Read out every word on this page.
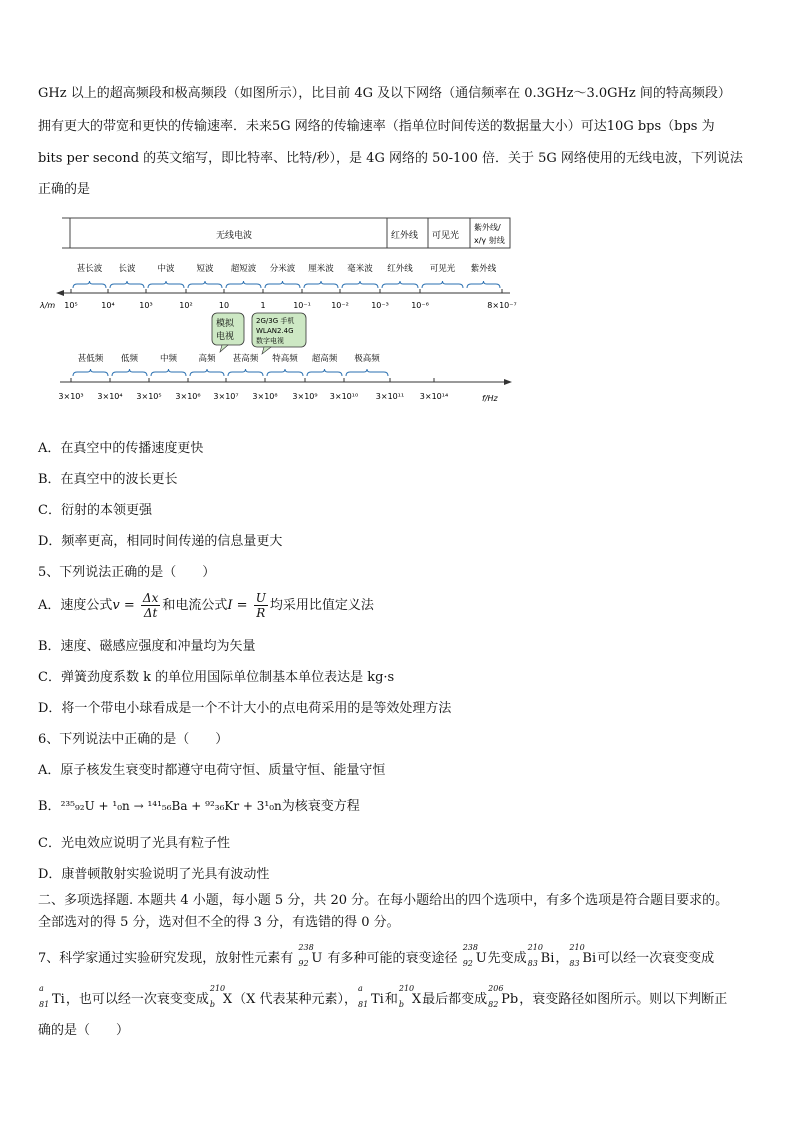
GHz 以上的超高频段和极高频段（如图所示），比目前 4G 及以下网络（通信频率在 0.3GHz～3.0GHz 间的特高频段）
拥有更大的带宽和更快的传输速率．未来5G 网络的传输速率（指单位时间传送的数据量大小）可达10G bps（bps 为
bits per second 的英文缩写，即比特率、比特/秒），是 4G 网络的 50-100 倍．关于 5G 网络使用的无线电波，下列说法
正确的是
无线电波	红外线 可见光
紫外线/
x/γ 射线
甚长波 长波	中波	短波 超短波 分米波 厘米波 毫米波 红外线 可见光 紫外线
λ/m 10⁵	10⁴	10³	10²	10	1	10⁻¹	10⁻²	10⁻³	10⁻⁶	8×10⁻⁷
模拟
电视
2G/3G 手机
WLAN2.4G
数字电视
甚低频 低频	中频	高频 甚高频 特高频 超高频 极高频
f/Hz
3×10³ 3×10⁴ 3×10⁵ 3×10⁶ 3×10⁷ 3×10⁸ 3×10⁹ 3×10¹⁰ 3×10¹¹ 3×10¹⁴
A．在真空中的传播速度更快
B．在真空中的波长更长
C．衍射的本领更强
D．频率更高，相同时间传递的信息量更大
5、下列说法正确的是（　　）
A．速度公式$v = \frac{\Delta x}{\Delta t}$ 和电流公式$I = \frac{U}{R}$ 均采用比值定义法
B．速度、磁感应强度和冲量均为矢量
C．弹簧劲度系数 k 的单位用国际单位制基本单位表达是 kg·s
D．将一个带电小球看成是一个不计大小的点电荷采用的是等效处理方法
6、下列说法中正确的是（　　）
A．原子核发生衰变时都遵守电荷守恒、质量守恒、能量守恒
B．²³⁵₉₂U + ¹₀n → ¹⁴¹₅₆Ba + ⁹²₃₆Kr + 3¹₀n为核衰变方程
C．光电效应说明了光具有粒子性
D．康普顿散射实验说明了光具有波动性
二、多项选择题. 本题共 4 小题，每小题 5 分，共 20 分。在每小题给出的四个选项中，有多个选项是符合题目要求的。
全部选对的得 5 分，选对但不全的得 3 分，有选错的得 0 分。
7、科学家通过实验研究发现，放射性元素有
238
92 U 有多种可能的衰变途径
238
92 U先变成
210
83 Bi，
210
83 Bi可以经一次衰变变成
a
81 Ti，也可以经一次衰变变成
210
b X（X 代表某种元素），
a
81 Ti和
210
b X最后都变成
206
82 Pb，衰变路径如图所示。则以下判断正
确的是（　　）
